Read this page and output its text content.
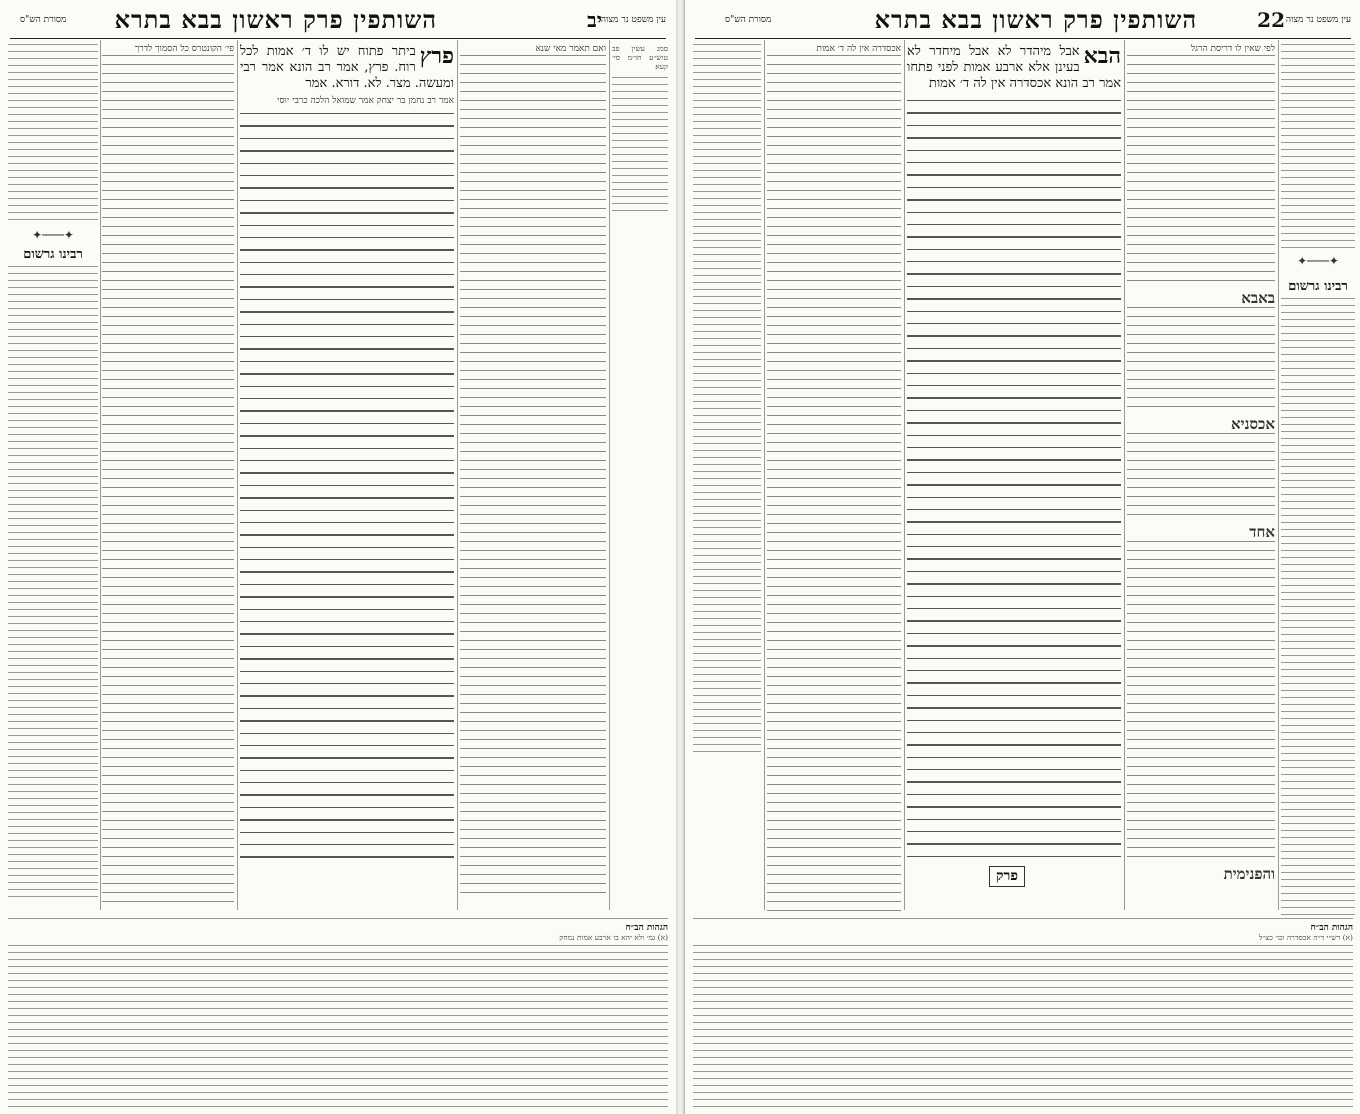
עין משפט נר מצוה
יב
השותפין פרק ראשון בבא בתרא
מסורת הש"ס
סמג עשין פב טוש״ע חו״מ סי׳ קעא
ואם תאמר מאי שנא
✦───✦
רבינו גרשום
פי׳ הקונטרס כל הסמוך לדרך	פרץ
ביתר פתוח יש לו ד׳ אמות לכל רוח. פרץ, אמר רב הונא אמר רבי ומעשה. מצר. לא. דורא. אמר
אמר רב נחמן בר יצחק אמר שמואל הלכה כרבי יוסי
הגהות הב״ח
(א) גמ׳ ולא יהא בו ארבע אמות נמחק
עין משפט נר מצוה
22
השותפין פרק ראשון בבא בתרא
מסורת הש"ס
✦───✦
רבינו גרשום
לפי שאין לו דריסת הרגל
באבא
אכסניא
אחד
והפנימית
הבא
אבל מיהדר לא אבל מיחדר לא בעינן אלא ארבע אמות לפני פתחו אמר רב הונא אכסדרה אין לה ד׳ אמות
אכסדרה אין לה ד׳ אמות
פרק
הגהות הב״ח
(א) רש״י ד״ה אכסדרה וכו׳ כצ״ל
